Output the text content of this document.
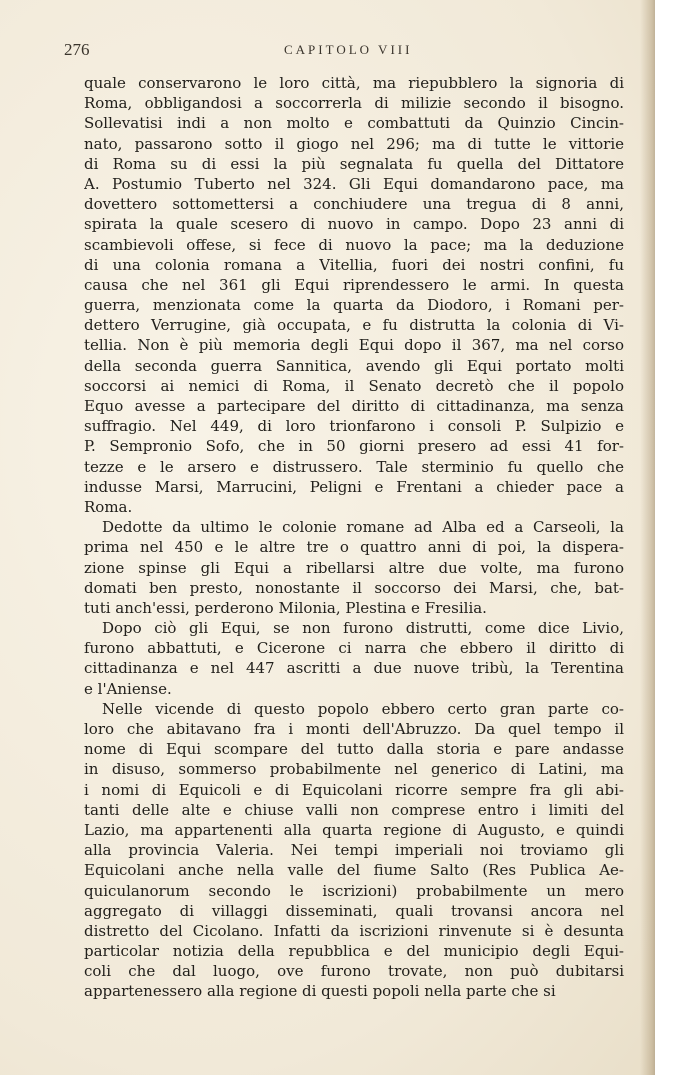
276	CAPITOLO VIII
quale conservarono le loro città, ma riepubblero la signoria di
Roma, obbligandosi a soccorrerla di milizie secondo il bisogno.
Sollevatisi indi a non molto e combattuti da Quinzio Cincin-
nato, passarono sotto il giogo nel 296; ma di tutte le vittorie
di Roma su di essi la più segnalata fu quella del Dittatore
A. Postumio Tuberto nel 324. Gli Equi domandarono pace, ma
dovettero sottomettersi a conchiudere una tregua di 8 anni,
spirata la quale scesero di nuovo in campo. Dopo 23 anni di
scambievoli offese, si fece di nuovo la pace; ma la deduzione
di una colonia romana a Vitellia, fuori dei nostri confini, fu
causa che nel 361 gli Equi riprendessero le armi. In questa
guerra, menzionata come la quarta da Diodoro, i Romani per-
dettero Verrugine, già occupata, e fu distrutta la colonia di Vi-
tellia. Non è più memoria degli Equi dopo il 367, ma nel corso
della seconda guerra Sannitica, avendo gli Equi portato molti
soccorsi ai nemici di Roma, il Senato decretò che il popolo
Equo avesse a partecipare del diritto di cittadinanza, ma senza
suffragio. Nel 449, di loro trionfarono i consoli P. Sulpizio e
P. Sempronio Sofo, che in 50 giorni presero ad essi 41 for-
tezze e le arsero e distrussero. Tale sterminio fu quello che
indusse Marsi, Marrucini, Peligni e Frentani a chieder pace a
Roma.
Dedotte da ultimo le colonie romane ad Alba ed a Carseoli, la
prima nel 450 e le altre tre o quattro anni di poi, la dispera-
zione spinse gli Equi a ribellarsi altre due volte, ma furono
domati ben presto, nonostante il soccorso dei Marsi, che, bat-
tuti anch'essi, perderono Milonia, Plestina e Fresilia.
Dopo ciò gli Equi, se non furono distrutti, come dice Livio,
furono abbattuti, e Cicerone ci narra che ebbero il diritto di
cittadinanza e nel 447 ascritti a due nuove tribù, la Terentina
e l'Aniense.
Nelle vicende di questo popolo ebbero certo gran parte co-
loro che abitavano fra i monti dell'Abruzzo. Da quel tempo il
nome di Equi scompare del tutto dalla storia e pare andasse
in disuso, sommerso probabilmente nel generico di Latini, ma
i nomi di Equicoli e di Equicolani ricorre sempre fra gli abi-
tanti delle alte e chiuse valli non comprese entro i limiti del
Lazio, ma appartenenti alla quarta regione di Augusto, e quindi
alla provincia Valeria. Nei tempi imperiali noi troviamo gli
Equicolani anche nella valle del fiume Salto (Res Publica Ae-
quiculanorum secondo le iscrizioni) probabilmente un mero
aggregato di villaggi disseminati, quali trovansi ancora nel
distretto del Cicolano. Infatti da iscrizioni rinvenute si è desunta
particolar notizia della repubblica e del municipio degli Equi-
coli che dal luogo, ove furono trovate, non può dubitarsi
appartenessero alla regione di questi popoli nella parte che si
